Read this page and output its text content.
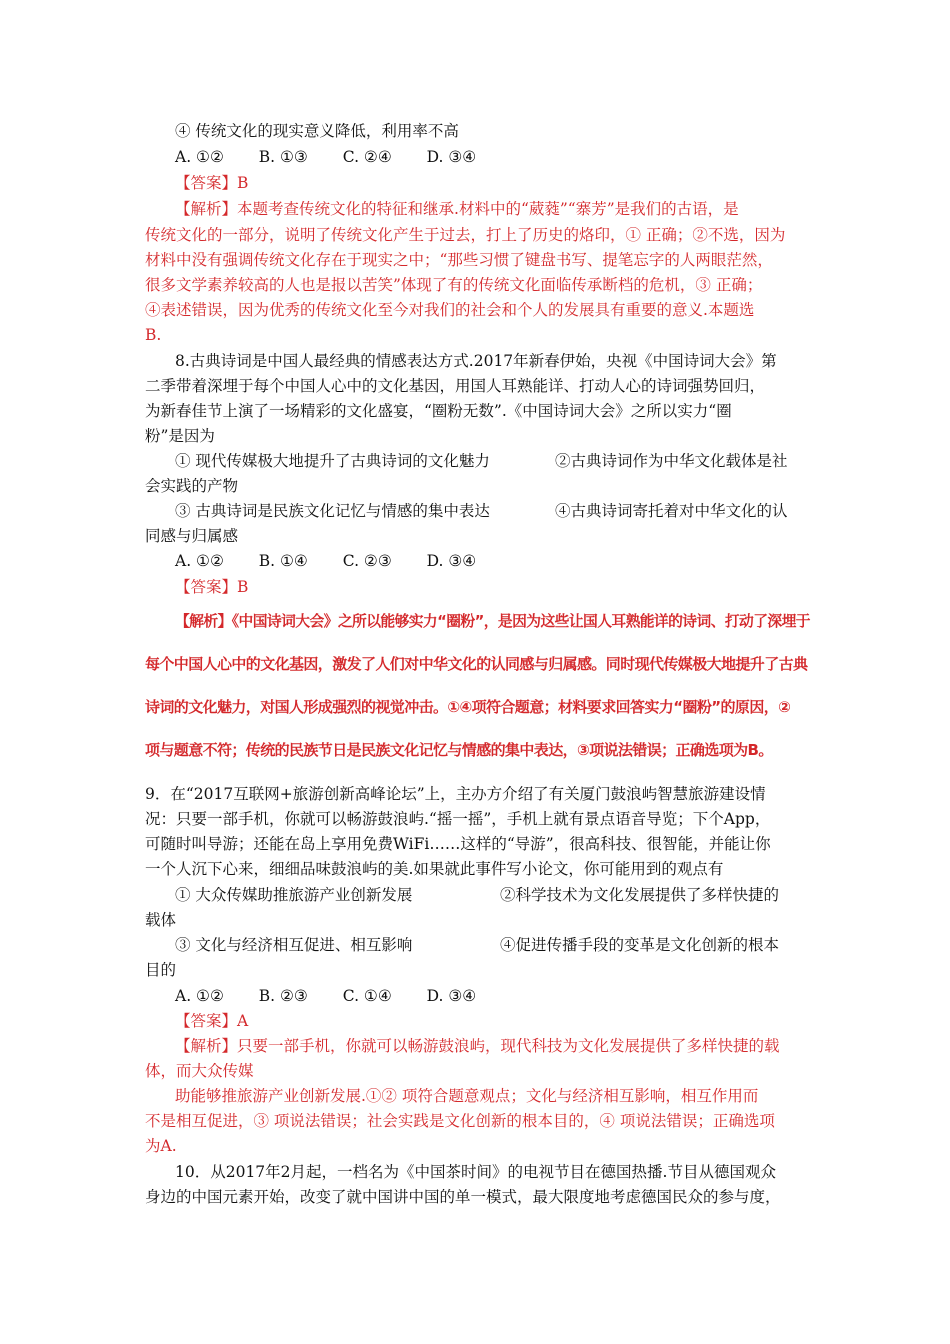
④ 传统文化的现实意义降低，利用率不高
A. ①② B. ①③ C. ②④ D. ③④
【答案】B
【解析】本题考查传统文化的特征和继承.材料中的“葳蕤”“寨芳”是我们的古语，是
传统文化的一部分，说明了传统文化产生于过去，打上了历史的烙印，① 正确；②不选，因为
材料中没有强调传统文化存在于现实之中；“那些习惯了键盘书写、提笔忘字的人两眼茫然，
很多文学素养较高的人也是报以苦笑”体现了有的传统文化面临传承断档的危机，③ 正确；
④表述错误，因为优秀的传统文化至今对我们的社会和个人的发展具有重要的意义.本题选
B.
8.古典诗词是中国人最经典的情感表达方式.2017年新春伊始，央视《中国诗词大会》第
二季带着深埋于每个中国人心中的文化基因，用国人耳熟能详、打动人心的诗词强势回归，
为新春佳节上演了一场精彩的文化盛宴，“圈粉无数”.《中国诗词大会》之所以实力“圈
粉”是因为
① 现代传媒极大地提升了古典诗词的文化魅力	②古典诗词作为中华文化载体是社
会实践的产物
③ 古典诗词是民族文化记忆与情感的集中表达	④古典诗词寄托着对中华文化的认
同感与归属感
A. ①② B. ①④ C. ②③ D. ③④
【答案】B
【解析】《中国诗词大会》之所以能够实力“圈粉”，是因为这些让国人耳熟能详的诗词、打动了深埋于
每个中国人心中的文化基因，激发了人们对中华文化的认同感与归属感。同时现代传媒极大地提升了古典
诗词的文化魅力，对国人形成强烈的视觉冲击。①④项符合题意；材料要求回答实力“圈粉”的原因，②
项与题意不符；传统的民族节日是民族文化记忆与情感的集中表达，③项说法错误；正确选项为B。
9．在“2017互联网+旅游创新高峰论坛”上，主办方介绍了有关厦门鼓浪屿智慧旅游建设情
况：只要一部手机，你就可以畅游鼓浪屿.“摇一摇”，手机上就有景点语音导览；下个App，
可随时叫导游；还能在岛上享用免费WiFi……这样的“导游”，很高科技、很智能，并能让你
一个人沉下心来，细细品味鼓浪屿的美.如果就此事件写小论文，你可能用到的观点有
① 大众传媒助推旅游产业创新发展	②科学技术为文化发展提供了多样快捷的
载体
③ 文化与经济相互促进、相互影响	④促进传播手段的变革是文化创新的根本
目的
A. ①② B. ②③ C. ①④ D. ③④
【答案】A
【解析】只要一部手机，你就可以畅游鼓浪屿，现代科技为文化发展提供了多样快捷的载
体，而大众传媒
助能够推旅游产业创新发展.①② 项符合题意观点；文化与经济相互影响，相互作用而
不是相互促进，③ 项说法错误；社会实践是文化创新的根本目的，④ 项说法错误；正确选项
为A.
10．从2017年2月起，一档名为《中国茶时间》的电视节目在德国热播.节目从德国观众
身边的中国元素开始，改变了就中国讲中国的单一模式，最大限度地考虑德国民众的参与度，
